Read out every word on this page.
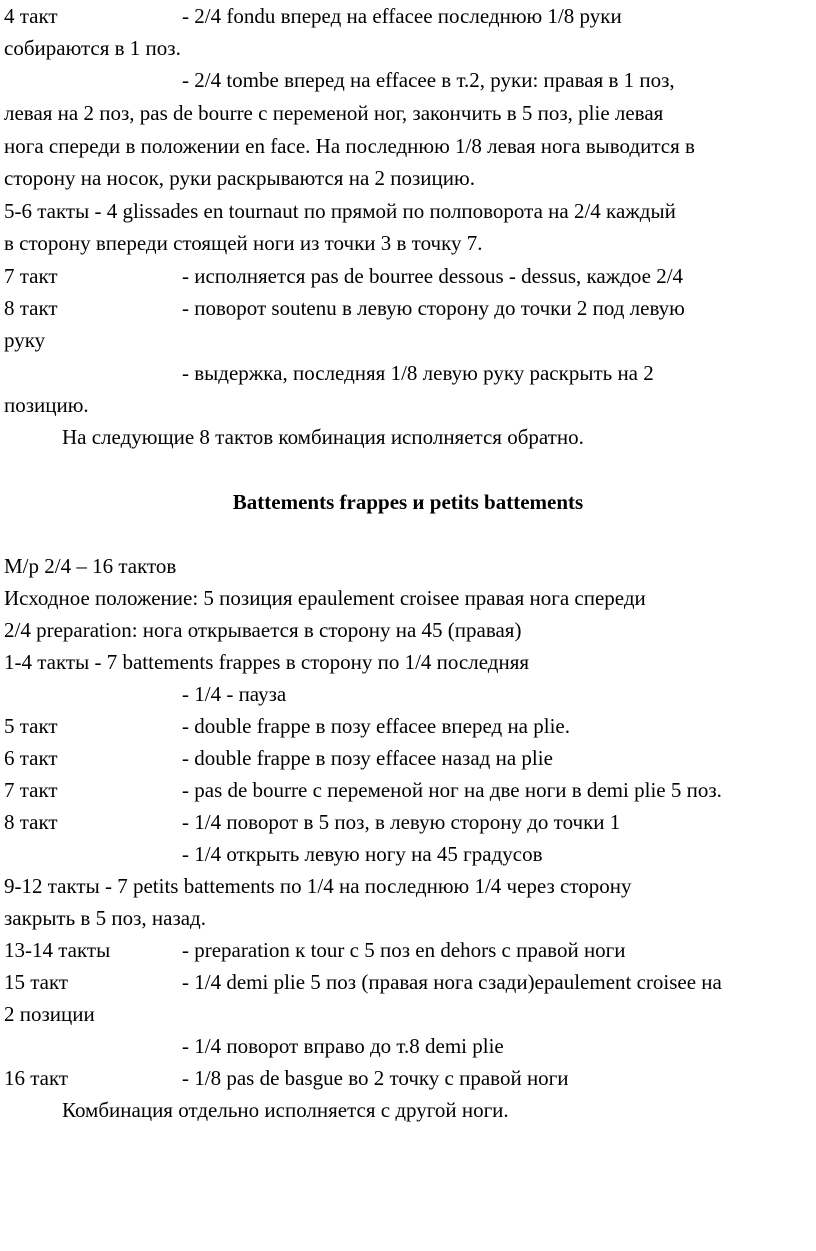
4 такт	- 2/4 fondu вперед на effacee последнюю 1/8 руки
собираются в 1 поз.
- 2/4 tombe вперед на effacee в т.2, руки: правая в 1 поз,
левая на 2 поз, pas de bourre с переменой ног, закончить в 5 поз, plie левая
нога спереди в положении en face. На последнюю 1/8 левая нога выводится в
сторону на носок, руки раскрываются на 2 позицию.
5-6 такты - 4 glissades en tournaut по прямой по полповорота на 2/4 каждый
в сторону впереди стоящей ноги из точки 3 в точку 7.
7 такт	- исполняется pas de bourree dessous - dessus, каждое 2/4
8 такт	- поворот soutenu в левую сторону до точки 2 под левую
руку
- выдержка, последняя 1/8 левую руку раскрыть на 2
позицию.
На следующие 8 тактов комбинация исполняется обратно.
Battements frappes и petits battements
М/р 2/4 – 16 тактов
Исходное положение: 5 позиция epaulement croisee правая нога спереди
2/4 preparation: нога открывается в сторону на 45 (правая)
1-4 такты - 7 battements frappes в сторону по 1/4 последняя
- 1/4 - пауза
5 такт	- double frappe в позу effacee вперед на plie.
6 такт	- double frappe в позу effacee назад на plie
7 такт	- pas de bourre с переменой ног на две ноги в demi plie 5 поз.
8 такт	- 1/4 поворот в 5 поз, в левую сторону до точки 1
- 1/4 открыть левую ногу на 45 градусов
9-12 такты - 7 petits battements по 1/4 на последнюю 1/4 через сторону
закрыть в 5 поз, назад.
13-14 такты	- preparation к tour с 5 поз en dehors с правой ноги
15 такт	- 1/4 demi plie 5 поз (правая нога сзади)epaulement croisee на
2 позиции
- 1/4 поворот вправо до т.8 demi plie
16 такт	- 1/8 pas de basgue во 2 точку с правой ноги
Комбинация отдельно исполняется с другой ноги.
